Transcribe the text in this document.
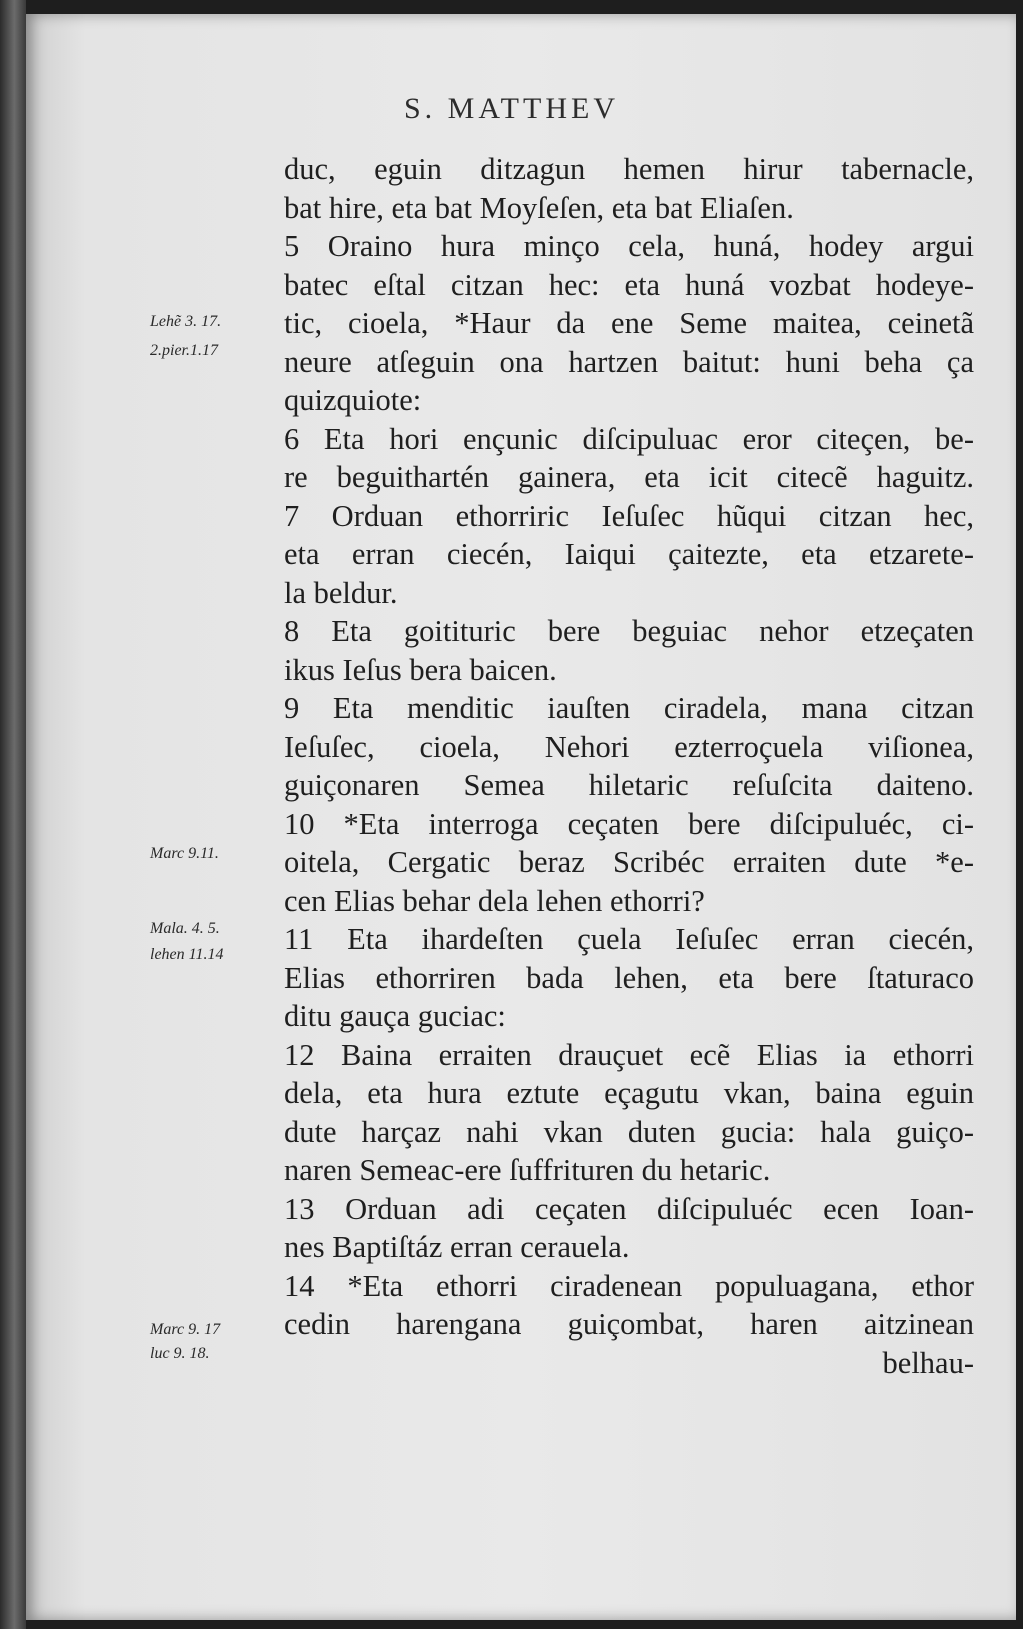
S. MATTHEV
duc, eguin ditzagun hemen hirur tabernacle,
bat hire, eta bat Moyſeſen, eta bat Eliaſen.
5 Oraino hura minço cela, huná, hodey argui
batec eſtal citzan hec: eta huná vozbat hodeye-
tic, cioela, *Haur da ene Seme maitea, ceinetã
neure atſeguin ona hartzen baitut: huni beha ça
quizquiote:
6 Eta hori ençunic diſcipuluac eror citeçen, be-
re beguithartén gainera, eta icit citecẽ haguitz.
7 Orduan ethorriric Ieſuſec hũqui citzan hec,
eta erran ciecén, Iaiqui çaitezte, eta etzarete-
la beldur.
8 Eta goitituric bere beguiac nehor etzeçaten
ikus Ieſus bera baicen.
9 Eta menditic iauſten ciradela, mana citzan
Ieſuſec, cioela, Nehori ezterroçuela viſionea,
guiçonaren Semea hiletaric reſuſcita daiteno.
10 *Eta interroga ceçaten bere diſcipuluéc, ci-
oitela, Cergatic beraz Scribéc erraiten dute *e-
cen Elias behar dela lehen ethorri?
11 Eta ihardeſten çuela Ieſuſec erran ciecén,
Elias ethorriren bada lehen, eta bere ſtaturaco
ditu gauça guciac:
12 Baina erraiten drauçuet ecẽ Elias ia ethorri
dela, eta hura eztute eçagutu vkan, baina eguin
dute harçaz nahi vkan duten gucia: hala guiço-
naren Semeac-ere ſuffrituren du hetaric.
13 Orduan adi ceçaten diſcipuluéc ecen Ioan-
nes Baptiſtáz erran cerauela.
14 *Eta ethorri ciradenean populuagana, ethor
cedin harengana guiçombat, haren aitzinean
belhau-
Lehẽ 3. 17.
2.pier.1.17
Marc 9.11.
Mala. 4. 5.
lehen 11.14
Marc 9. 17
luc 9. 18.
